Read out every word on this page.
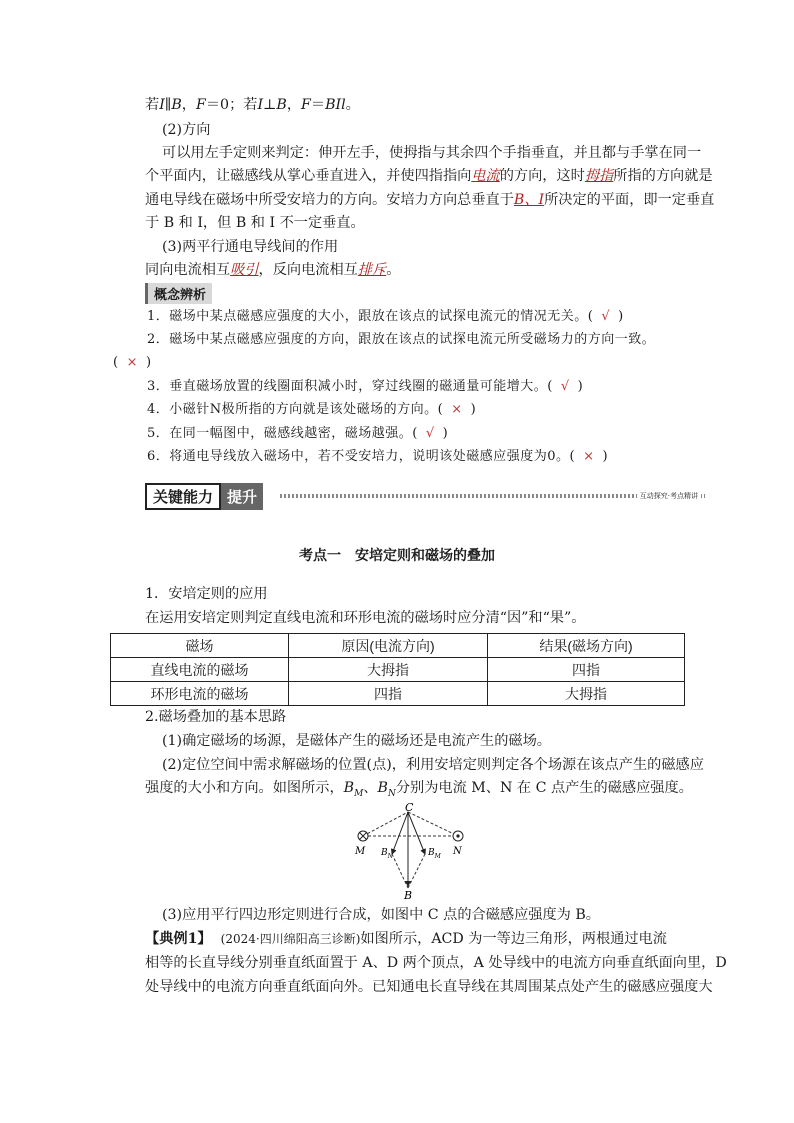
若I∥B，F＝0；若I⊥B，F＝BIl。
(2)方向
可以用左手定则来判定：伸开左手，使拇指与其余四个手指垂直，并且都与手掌在同一
个平面内，让磁感线从掌心垂直进入，并使四指指向电流的方向，这时拇指所指的方向就是
通电导线在磁场中所受安培力的方向。安培力方向总垂直于B、I所决定的平面，即一定垂直
于 B 和 I，但 B 和 I 不一定垂直。
(3)两平行通电导线间的作用
同向电流相互吸引，反向电流相互排斥。
概念辨析
1．磁场中某点磁感应强度的大小，跟放在该点的试探电流元的情况无关。( √ )
2．磁场中某点磁感应强度的方向，跟放在该点的试探电流元所受磁场力的方向一致。
( × )
3．垂直磁场放置的线圈面积减小时，穿过线圈的磁通量可能增大。( √ )
4．小磁针N极所指的方向就是该处磁场的方向。( × )
5．在同一幅图中，磁感线越密，磁场越强。( √ )
6．将通电导线放入磁场中，若不受安培力，说明该处磁感应强度为0。( × )
关键能力 提升	互动探究·考点精讲
考点一　安培定则和磁场的叠加
1．安培定则的应用
在运用安培定则判定直线电流和环形电流的磁场时应分清“因”和“果”。
磁场	原因(电流方向)	结果(磁场方向)
直线电流的磁场	大拇指	四指
环形电流的磁场	四指	大拇指
2.磁场叠加的基本思路
(1)确定磁场的场源，是磁体产生的磁场还是电流产生的磁场。
(2)定位空间中需求解磁场的位置(点)，利用安培定则判定各个场源在该点产生的磁感应
强度的大小和方向。如图所示，$B_M$、$B_N$分别为电流 M、N 在 C 点产生的磁感应强度。
C
M	N
B
$B_N$	$B_M$
(3)应用平行四边形定则进行合成，如图中 C 点的合磁感应强度为 B。
【典例1】 (2024·四川绵阳高三诊断)如图所示，ACD 为一等边三角形，两根通过电流
相等的长直导线分别垂直纸面置于 A、D 两个顶点，A 处导线中的电流方向垂直纸面向里，D
处导线中的电流方向垂直纸面向外。已知通电长直导线在其周围某点处产生的磁感应强度大
